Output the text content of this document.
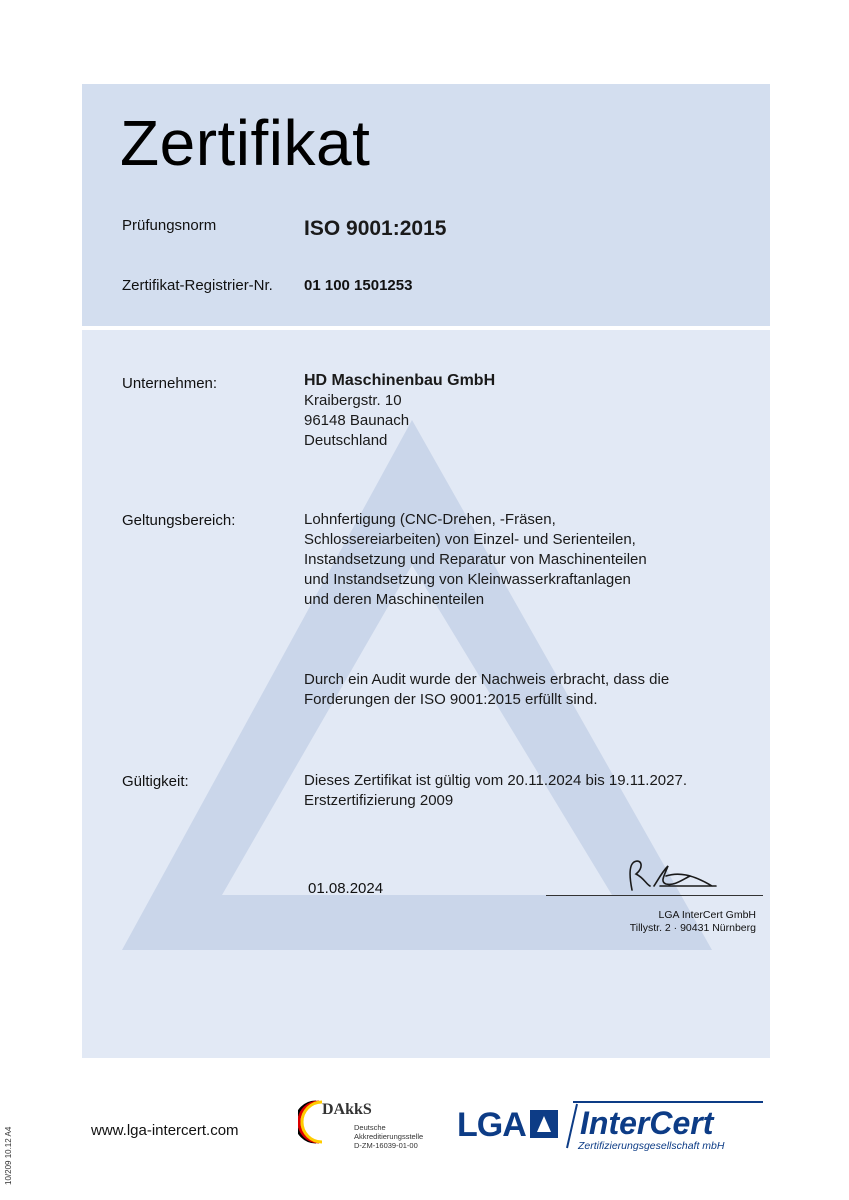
Zertifikat
Prüfungsnorm	ISO 9001:2015
Zertifikat-Registrier-Nr. 01 100 1501253
Unternehmen:	HD Maschinenbau GmbH
Kraibergstr. 10
96148 Baunach
Deutschland
Geltungsbereich:	Lohnfertigung (CNC-Drehen, -Fräsen,
Schlossereiarbeiten) von Einzel- und Serienteilen,
Instandsetzung und Reparatur von Maschinenteilen
und Instandsetzung von Kleinwasserkraftanlagen
und deren Maschinenteilen
Durch ein Audit wurde der Nachweis erbracht, dass die
Forderungen der ISO 9001:2015 erfüllt sind.
Gültigkeit:	Dieses Zertifikat ist gültig vom 20.11.2024 bis 19.11.2027.
Erstzertifizierung 2009
01.08.2024
LGA InterCert GmbH
Tillystr. 2 · 90431 Nürnberg
10/209 10.12 A4	www.lga-intercert.com
DAkkS
Deutsche
Akkreditierungsstelle
D-ZM-16039-01-00
LGA InterCert
Zertifizierungsgesellschaft mbH
